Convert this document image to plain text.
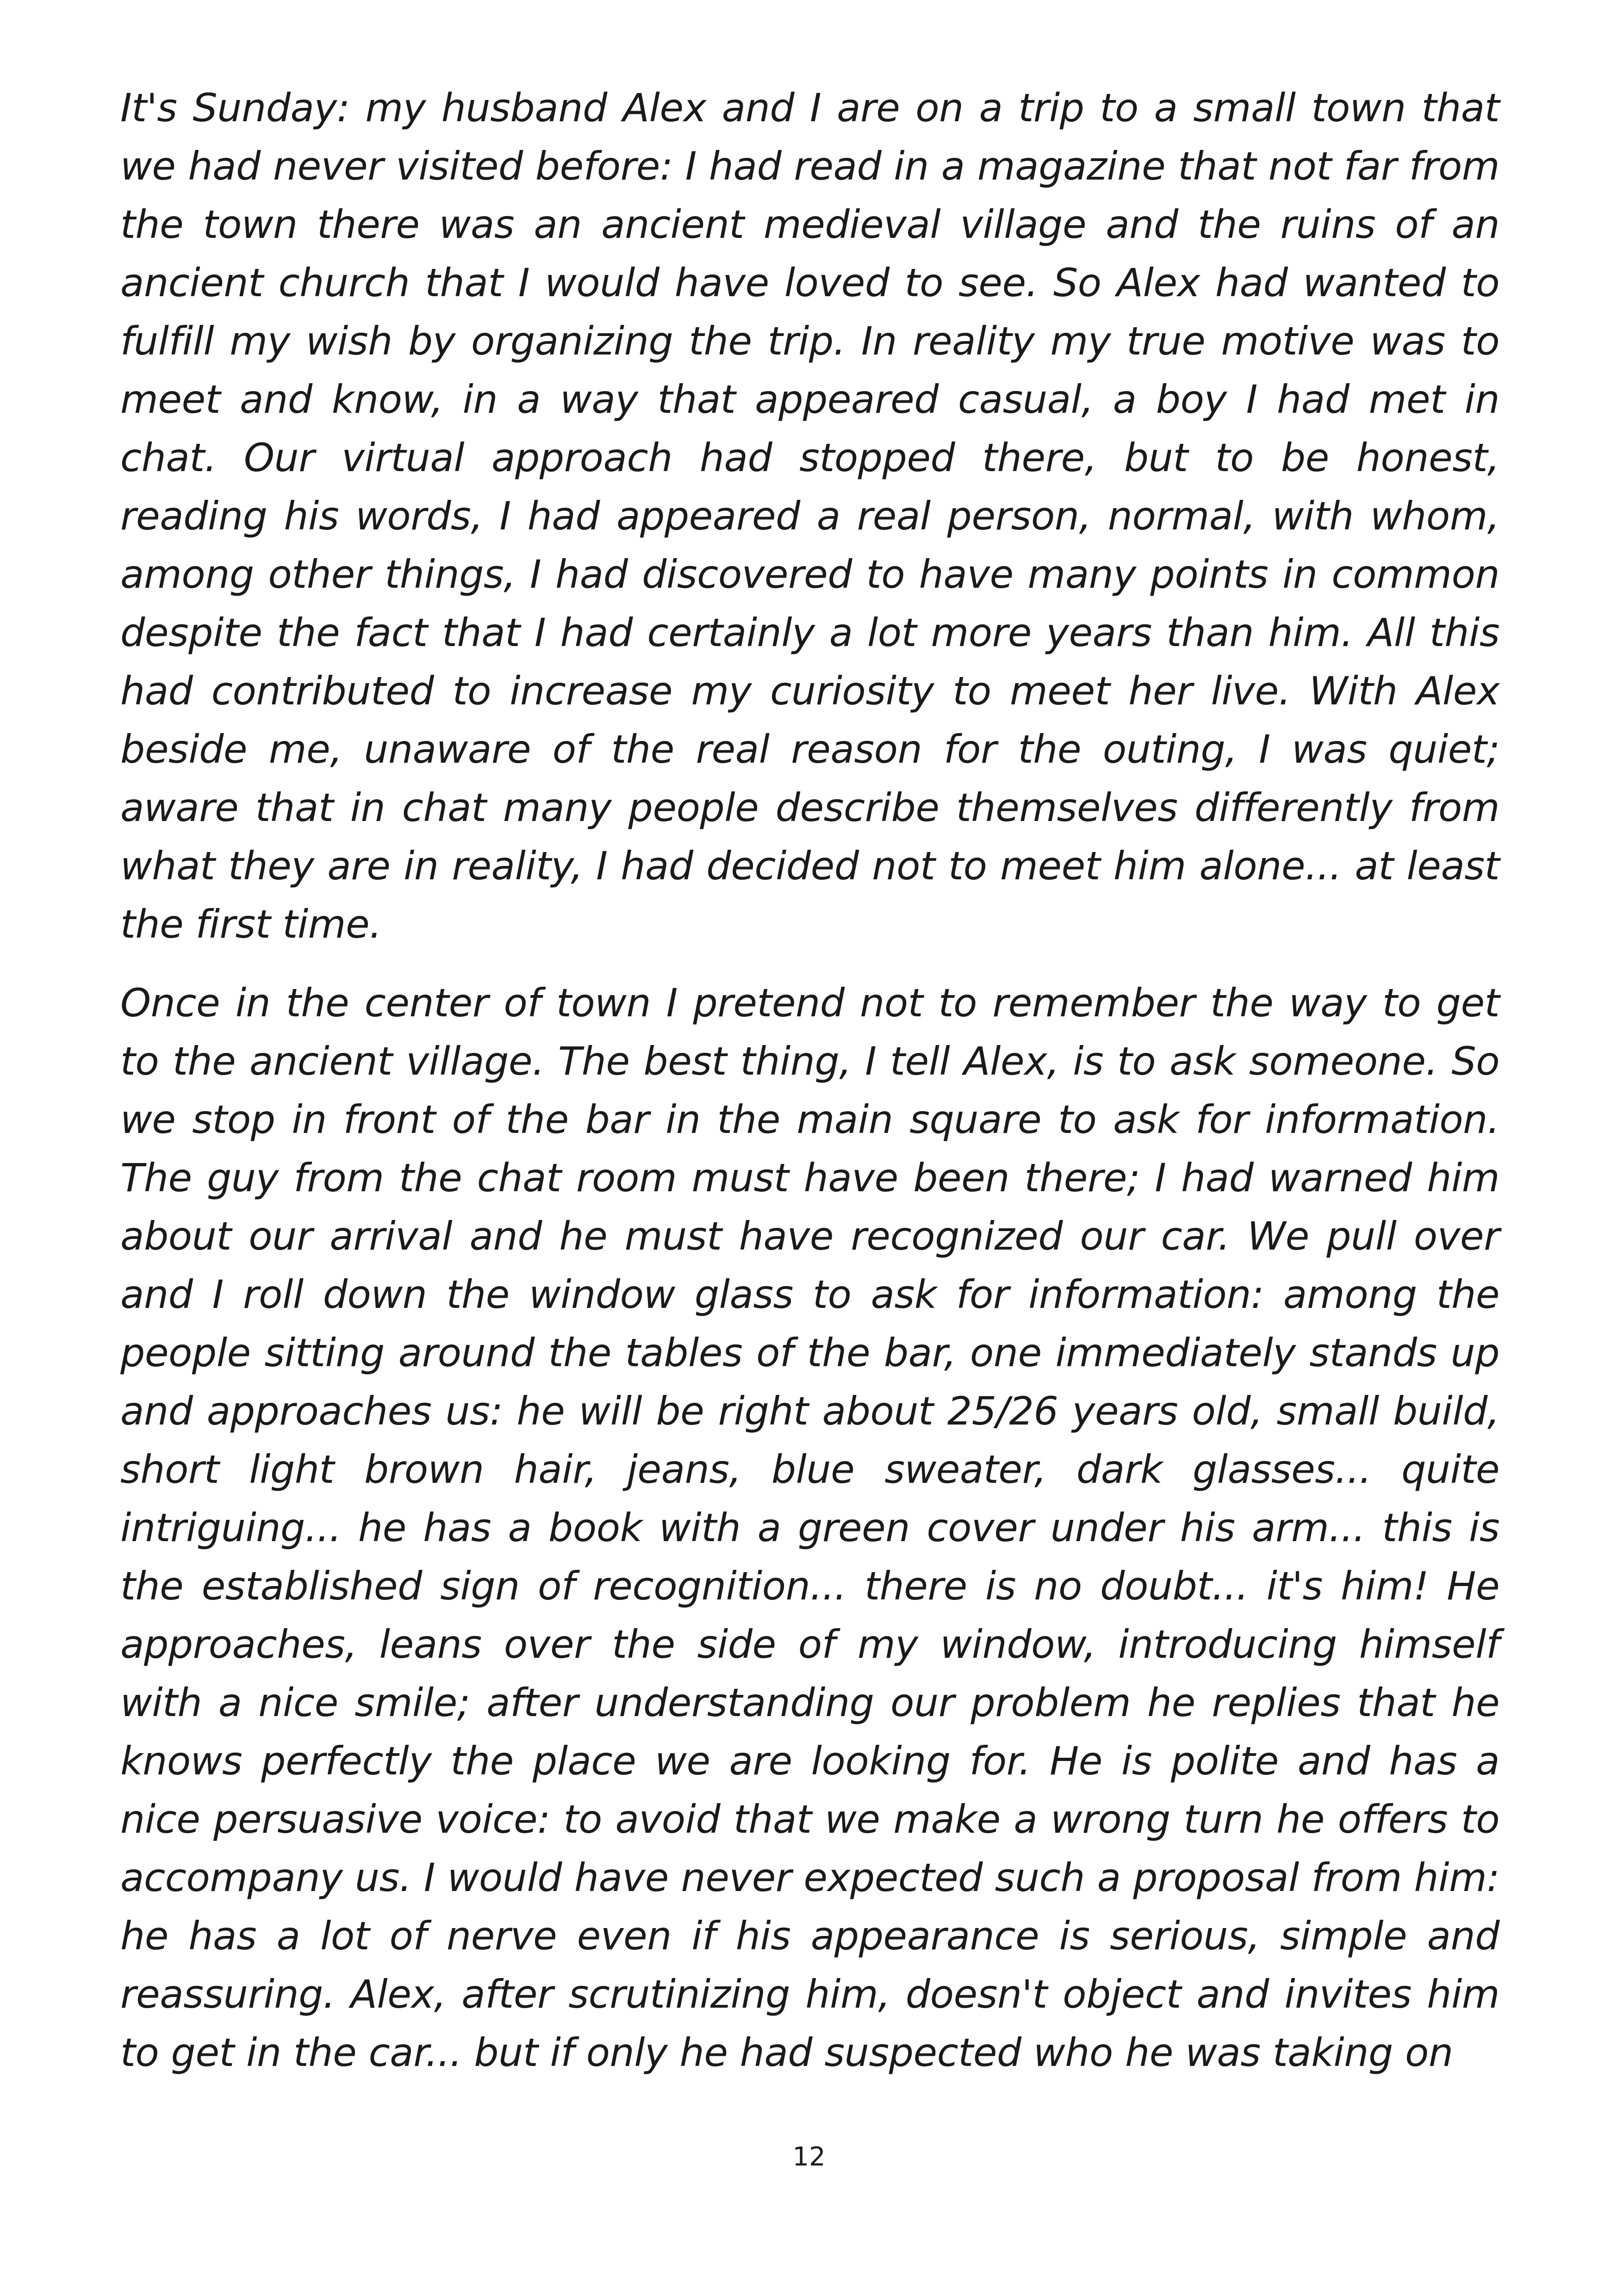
It's Sunday: my husband Alex and I are on a trip to a small town that we had never visited before: I had read in a magazine that not far from the town there was an ancient medieval village and the ruins of an ancient church that I would have loved to see. So Alex had wanted to fulfill my wish by organizing the trip. In reality my true motive was to meet and know, in a way that appeared casual, a boy I had met in chat. Our virtual approach had stopped there, but to be honest, reading his words, I had appeared a real person, normal, with whom, among other things, I had discovered to have many points in common despite the fact that I had certainly a lot more years than him. All this had contributed to increase my curiosity to meet her live. With Alex beside me, unaware of the real reason for the outing, I was quiet; aware that in chat many people describe themselves differently from what they are in reality, I had decided not to meet him alone... at least the first time.

Once in the center of town I pretend not to remember the way to get to the ancient village. The best thing, I tell Alex, is to ask someone. So we stop in front of the bar in the main square to ask for information. The guy from the chat room must have been there; I had warned him about our arrival and he must have recognized our car. We pull over and I roll down the window glass to ask for information: among the people sitting around the tables of the bar, one immediately stands up and approaches us: he will be right about 25/26 years old, small build, short light brown hair, jeans, blue sweater, dark glasses... quite intriguing... he has a book with a green cover under his arm... this is the established sign of recognition... there is no doubt... it's him! He approaches, leans over the side of my window, introducing himself with a nice smile; after understanding our problem he replies that he knows perfectly the place we are looking for. He is polite and has a nice persuasive voice: to avoid that we make a wrong turn he offers to accompany us. I would have never expected such a proposal from him: he has a lot of nerve even if his appearance is serious, simple and reassuring. Alex, after scrutinizing him, doesn't object and invites him to get in the car... but if only he had suspected who he was taking on

12
